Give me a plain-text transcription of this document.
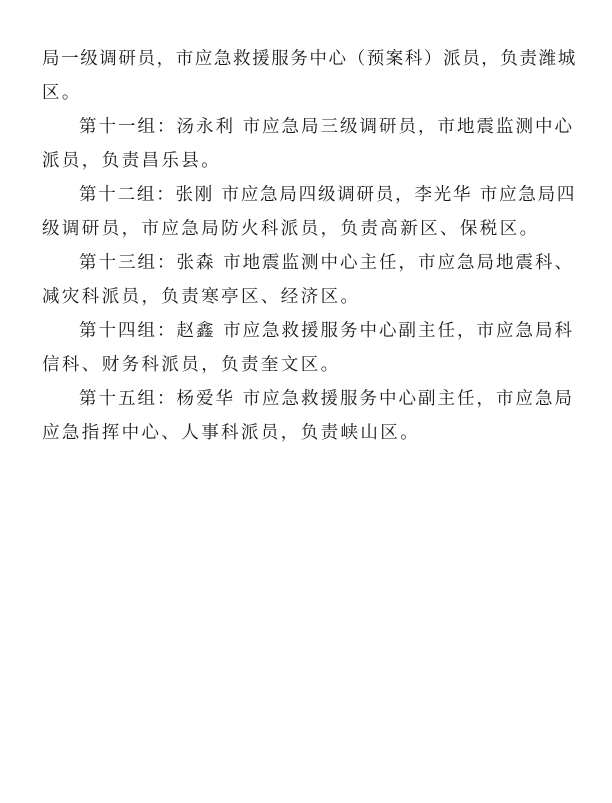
局一级调研员，市应急救援服务中心（预案科）派员，负责潍城
区。
第十一组：汤永利 市应急局三级调研员，市地震监测中心
派员，负责昌乐县。
第十二组：张刚 市应急局四级调研员，李光华 市应急局四
级调研员，市应急局防火科派员，负责高新区、保税区。
第十三组：张森 市地震监测中心主任，市应急局地震科、
减灾科派员，负责寒亭区、经济区。
第十四组：赵鑫 市应急救援服务中心副主任，市应急局科
信科、财务科派员，负责奎文区。
第十五组：杨爱华 市应急救援服务中心副主任，市应急局
应急指挥中心、人事科派员，负责峡山区。
